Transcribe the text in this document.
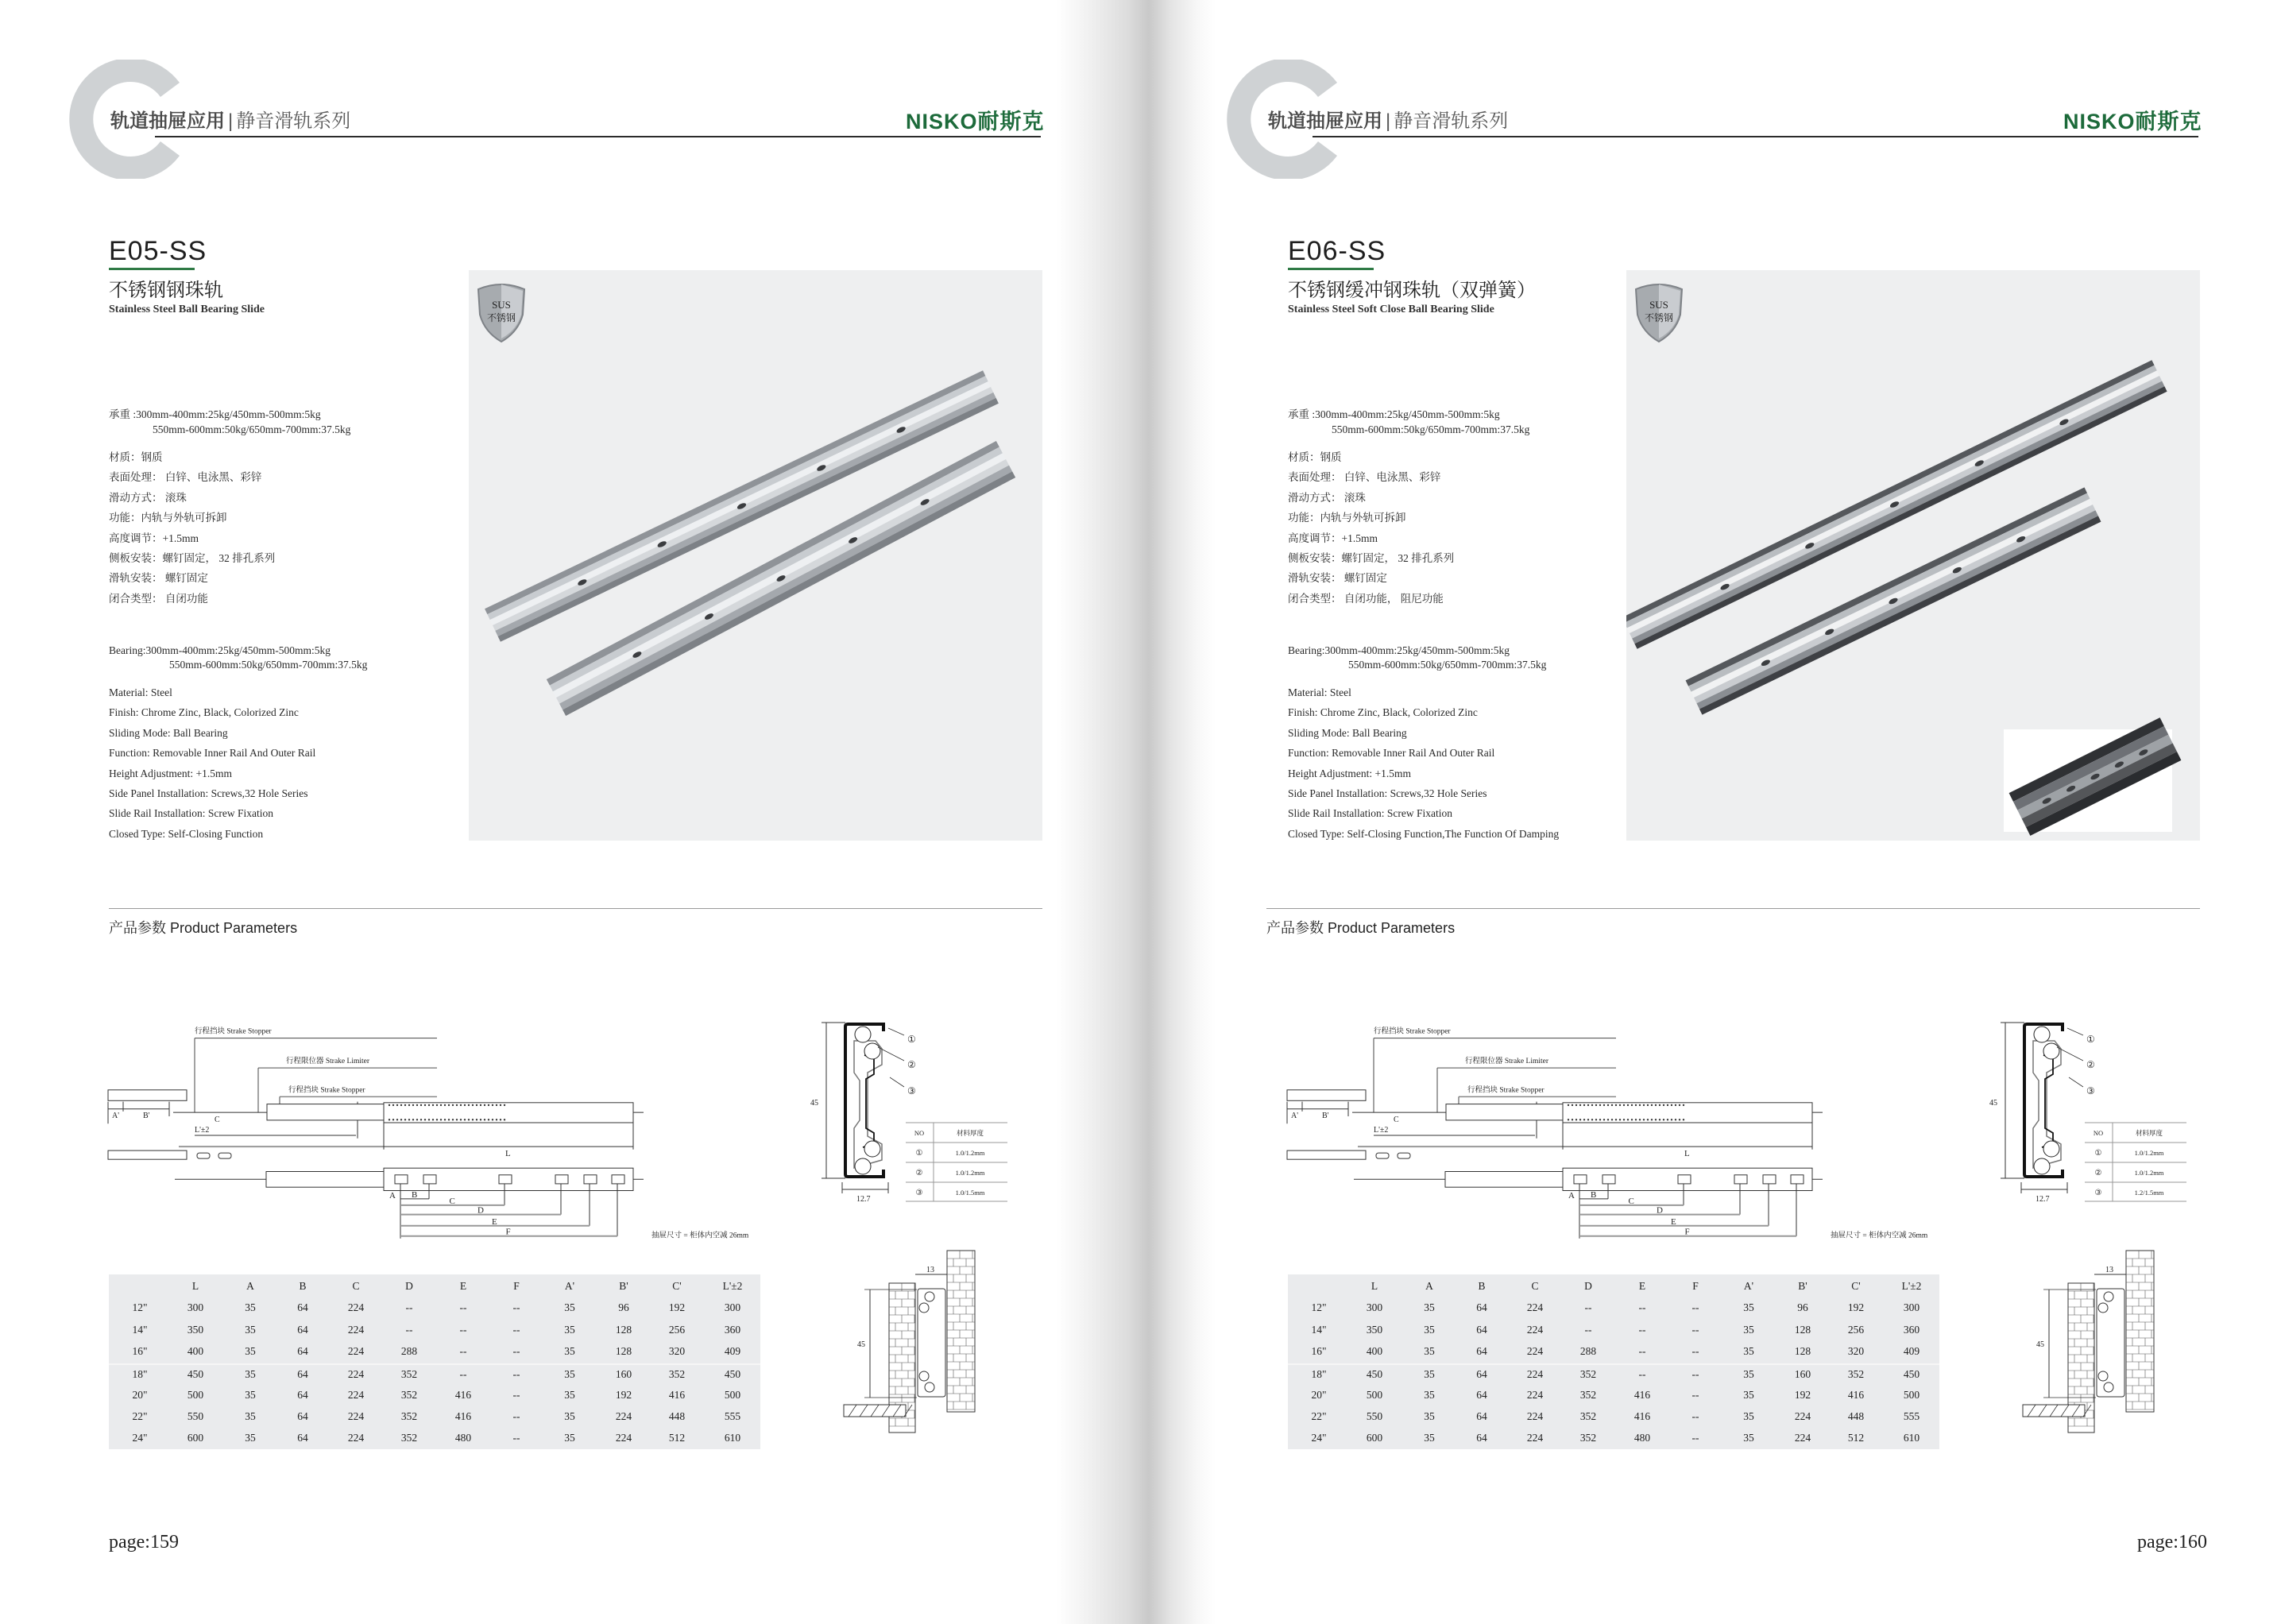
轨道抽屉应用 | 静音滑轨系列	NISKO耐斯克
E05-SS
不锈钢钢珠轨
Stainless Steel Ball Bearing Slide
承重 :300mm-400mm:25kg/450mm-500mm:5kg
550mm-600mm:50kg/650mm-700mm:37.5kg
材质：钢质
表面处理： 白锌、电泳黑、彩锌
滑动方式： 滚珠
功能：内轨与外轨可拆卸
高度调节：+1.5mm
侧板安装：螺钉固定， 32 排孔系列
滑轨安装： 螺钉固定
闭合类型： 自闭功能
Bearing:300mm-400mm:25kg/450mm-500mm:5kg
550mm-600mm:50kg/650mm-700mm:37.5kg
Material: Steel
Finish: Chrome Zinc, Black, Colorized Zinc
Sliding Mode: Ball Bearing
Function: Removable Inner Rail And Outer Rail
Height Adjustment: +1.5mm
Side Panel Installation: Screws,32 Hole Series
Slide Rail Installation: Screw Fixation
Closed Type: Self-Closing Function
SUS
不锈钢
产品参数 Product Parameters
行程挡块 Strake Stopper
行程限位器 Strake Limiter
行程挡块 Strake Stopper
A'	B'	C
L'±2
L
A B
C
D
E
F	抽屉尺寸 = 柜体内空减 26mm
45
①
②
③
12.7
NO	材料厚度
①	1.0/1.2mm
②	1.0/1.2mm
③	1.0/1.5mm
13
45
L	A	B	C	D	E	F	A'	B'	C'	L'±2
12"	300	35	64	224	--	--	--	35	96	192	300
14"	350	35	64	224	--	--	--	35	128	256	360
16"	400	35	64	224	288	--	--	35	128	320	409
18"	450	35	64	224	352	--	--	35	160	352	450
20"	500	35	64	224	352	416	--	35	192	416	500
22"	550	35	64	224	352	416	--	35	224	448	555
24"	600	35	64	224	352	480	--	35	224	512	610
page:159
轨道抽屉应用 | 静音滑轨系列	NISKO耐斯克
E06-SS
不锈钢缓冲钢珠轨（双弹簧）
Stainless Steel Soft Close Ball Bearing Slide
承重 :300mm-400mm:25kg/450mm-500mm:5kg
550mm-600mm:50kg/650mm-700mm:37.5kg
材质：钢质
表面处理： 白锌、电泳黑、彩锌
滑动方式： 滚珠
功能：内轨与外轨可拆卸
高度调节：+1.5mm
侧板安装：螺钉固定， 32 排孔系列
滑轨安装： 螺钉固定
闭合类型： 自闭功能， 阻尼功能
Bearing:300mm-400mm:25kg/450mm-500mm:5kg
550mm-600mm:50kg/650mm-700mm:37.5kg
Material: Steel
Finish: Chrome Zinc, Black, Colorized Zinc
Sliding Mode: Ball Bearing
Function: Removable Inner Rail And Outer Rail
Height Adjustment: +1.5mm
Side Panel Installation: Screws,32 Hole Series
Slide Rail Installation: Screw Fixation
Closed Type: Self-Closing Function,The Function Of Damping
SUS
不锈钢
产品参数 Product Parameters
行程挡块 Strake Stopper
行程限位器 Strake Limiter
行程挡块 Strake Stopper
A'	B'	C
L'±2
L
A B
C
D
E
F	抽屉尺寸 = 柜体内空减 26mm
45
①
②
③
12.7
NO	材料厚度
①	1.0/1.2mm
②	1.0/1.2mm
③	1.2/1.5mm
13
45
L	A	B	C	D	E	F	A'	B'	C'	L'±2
12"	300	35	64	224	--	--	--	35	96	192	300
14"	350	35	64	224	--	--	--	35	128	256	360
16"	400	35	64	224	288	--	--	35	128	320	409
18"	450	35	64	224	352	--	--	35	160	352	450
20"	500	35	64	224	352	416	--	35	192	416	500
22"	550	35	64	224	352	416	--	35	224	448	555
24"	600	35	64	224	352	480	--	35	224	512	610
page:160
